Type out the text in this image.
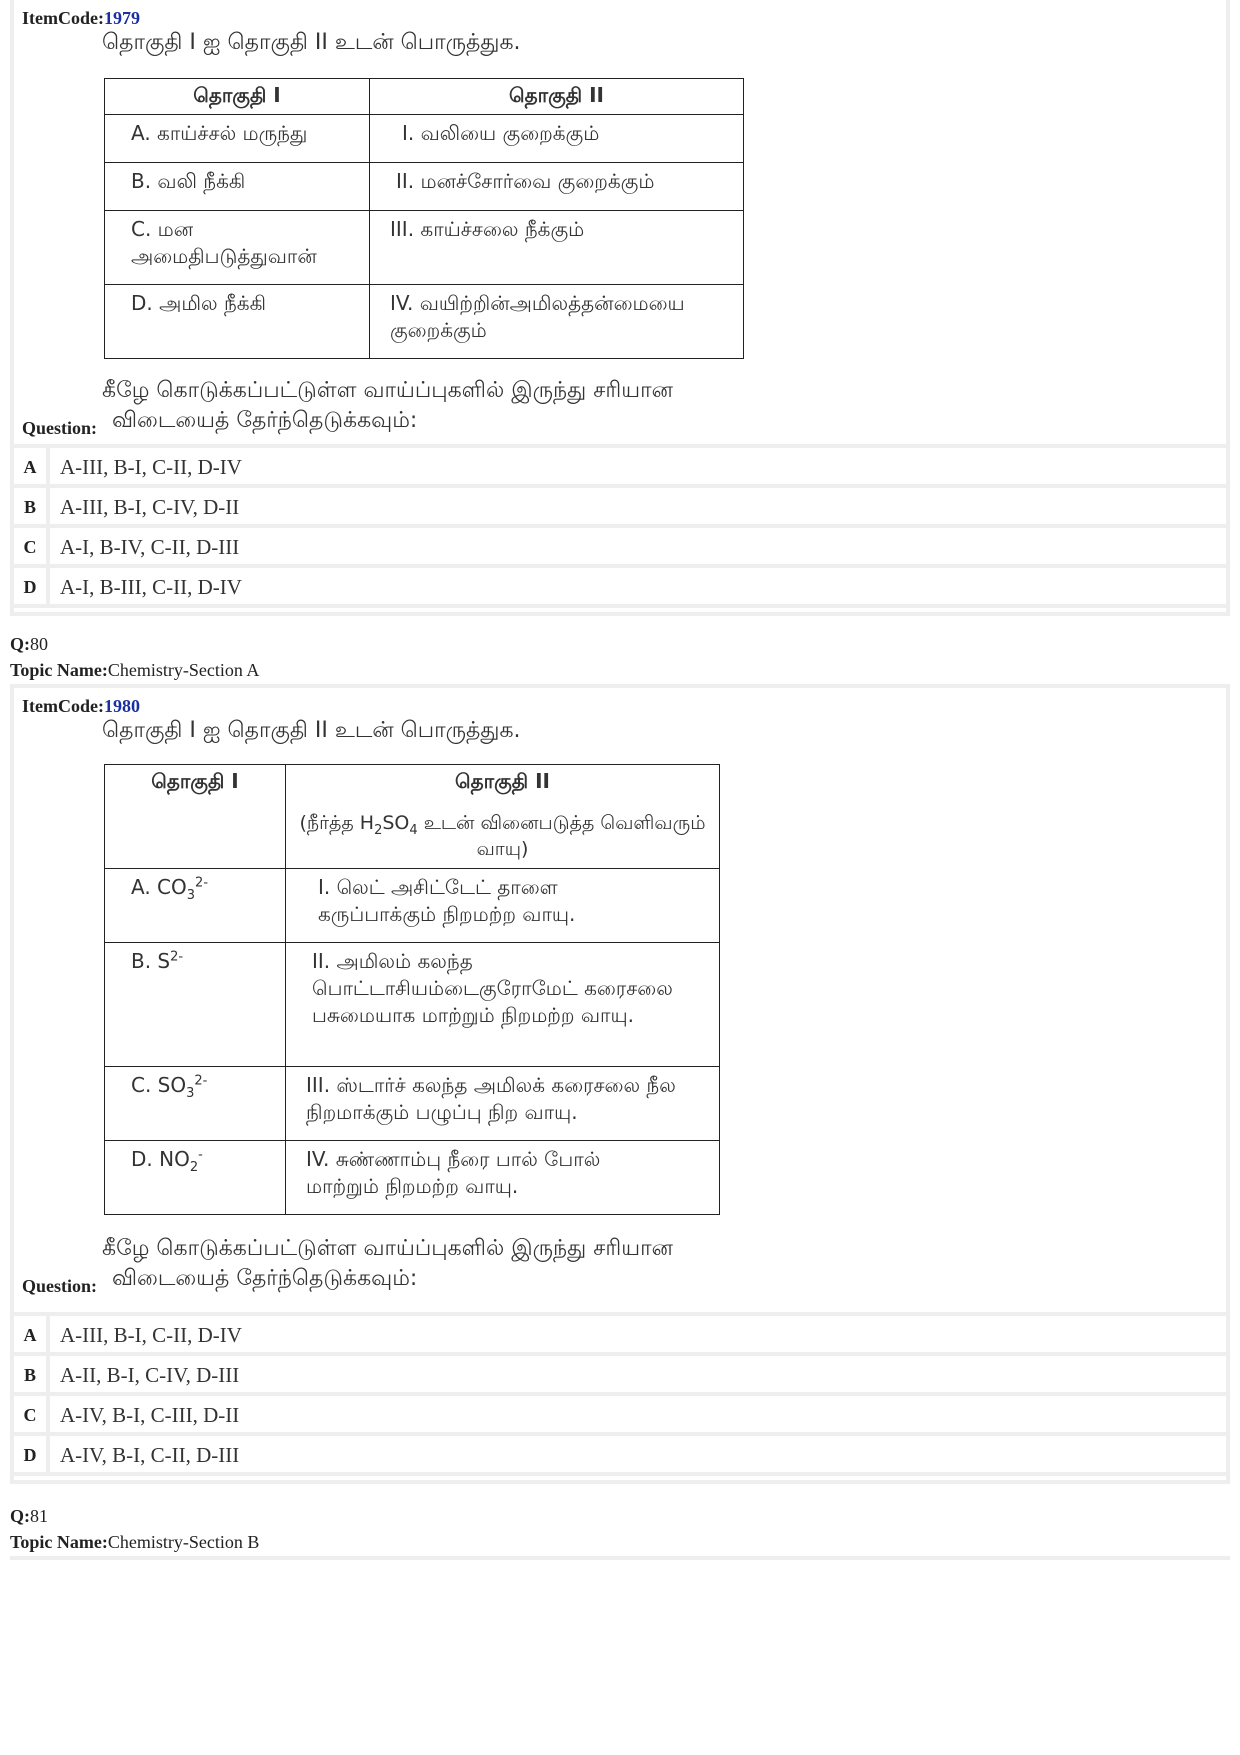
ItemCode:1979
தொகுதி I ஐ தொகுதி II உடன் பொருத்துக.
தொகுதி I	தொகுதி II
A. காய்ச்சல் மருந்து	I. வலியை குறைக்கும்
B. வலி நீக்கி	II. மனச்சோர்வை குறைக்கும்
C. மன அமைதிபடுத்துவான்	III. காய்ச்சலை நீக்கும்
D. அமில நீக்கி	IV. வயிற்றின்அமிலத்தன்மையை குறைக்கும்
கீழே கொடுக்கப்பட்டுள்ள வாய்ப்புகளில் இருந்து சரியான
Question: விடையைத் தேர்ந்தெடுக்கவும்:
A	A-III, B-I, C-II, D-IV
B	A-III, B-I, C-IV, D-II
C	A-I, B-IV, C-II, D-III
D	A-I, B-III, C-II, D-IV
Q:80
Topic Name:Chemistry-Section A
ItemCode:1980
தொகுதி I ஐ தொகுதி II உடன் பொருத்துக.
தொகுதி I	தொகுதி II
(நீர்த்த $H_2SO_4$ உடன் வினைபடுத்த வெளிவரும் வாயு)

A. $CO_3^{2-}$	I. லெட் அசிட்டேட் தாளை கருப்பாக்கும் நிறமற்ற வாயு.
B. $S^{2-}$	II. அமிலம் கலந்த பொட்டாசியம்டைகுரோமேட் கரைசலை பசுமையாக மாற்றும் நிறமற்ற வாயு.
C. $SO_3^{2-}$	III. ஸ்டார்ச் கலந்த அமிலக் கரைசலை நீல நிறமாக்கும் பழுப்பு நிற வாயு.
D. $NO_2^-$	IV. சுண்ணாம்பு நீரை பால் போல் மாற்றும் நிறமற்ற வாயு.
கீழே கொடுக்கப்பட்டுள்ள வாய்ப்புகளில் இருந்து சரியான
Question: விடையைத் தேர்ந்தெடுக்கவும்:
A	A-III, B-I, C-II, D-IV
B	A-II, B-I, C-IV, D-III
C	A-IV, B-I, C-III, D-II
D	A-IV, B-I, C-II, D-III
Q:81
Topic Name:Chemistry-Section B
